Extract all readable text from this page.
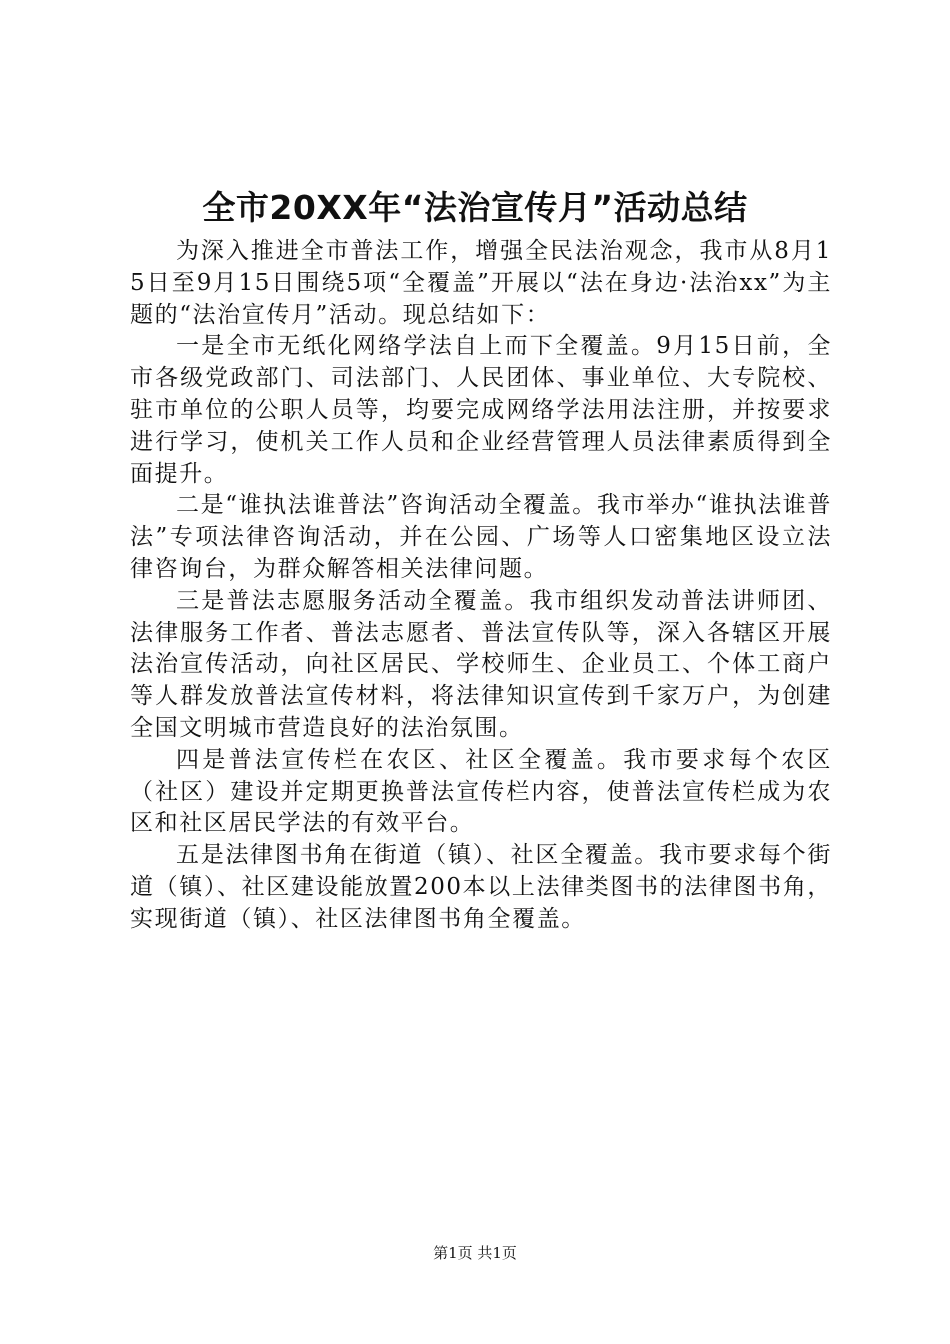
全市20XX年“法治宣传月”活动总结

为深入推进全市普法工作，增强全民法治观念，我市从8月15日至9月15日围绕5项“全覆盖”开展以“法在身边·法治xx”为主题的“法治宣传月”活动。现总结如下：

一是全市无纸化网络学法自上而下全覆盖。9月15日前，全市各级党政部门、司法部门、人民团体、事业单位、大专院校、驻市单位的公职人员等，均要完成网络学法用法注册，并按要求进行学习，使机关工作人员和企业经营管理人员法律素质得到全面提升。

二是“谁执法谁普法”咨询活动全覆盖。我市举办“谁执法谁普法”专项法律咨询活动，并在公园、广场等人口密集地区设立法律咨询台，为群众解答相关法律问题。

三是普法志愿服务活动全覆盖。我市组织发动普法讲师团、法律服务工作者、普法志愿者、普法宣传队等，深入各辖区开展法治宣传活动，向社区居民、学校师生、企业员工、个体工商户等人群发放普法宣传材料，将法律知识宣传到千家万户，为创建全国文明城市营造良好的法治氛围。

四是普法宣传栏在农区、社区全覆盖。我市要求每个农区（社区）建设并定期更换普法宣传栏内容，使普法宣传栏成为农区和社区居民学法的有效平台。

五是法律图书角在街道（镇）、社区全覆盖。我市要求每个街道（镇）、社区建设能放置200本以上法律类图书的法律图书角，实现街道（镇）、社区法律图书角全覆盖。

第1页 共1页
